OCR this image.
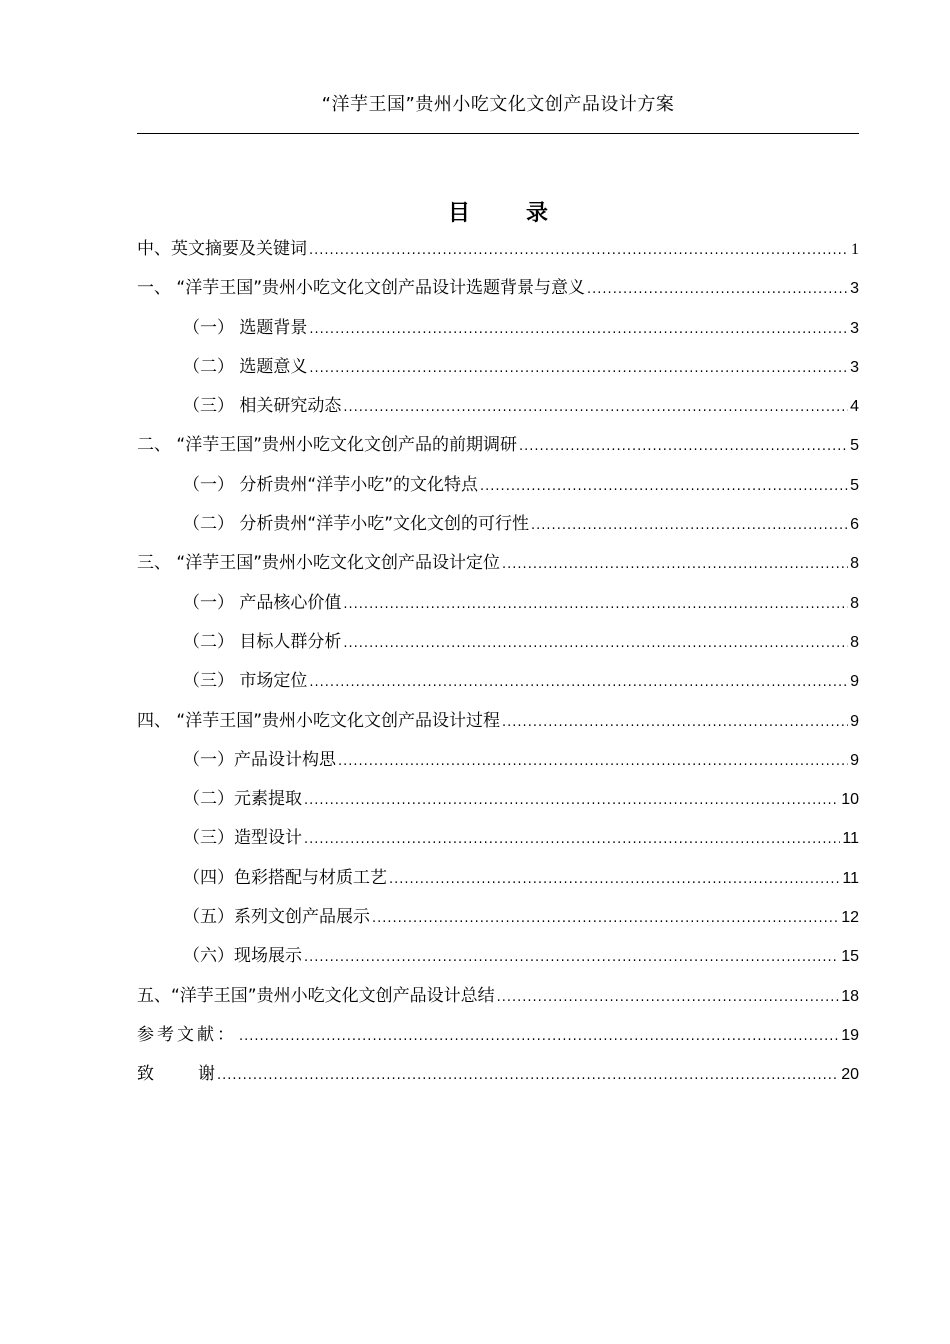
“洋芋王国”贵州小吃文化文创产品设计方案
目	录
中、英文摘要及关键词 .....	1
一、 “洋芋王国”贵州小吃文化文创产品设计选题背景与意义 .....	3
（一） 选题背景 .....	3
（二） 选题意义 .....	3
（三） 相关研究动态 .....	4
二、 “洋芋王国”贵州小吃文化文创产品的前期调研 .....	5
（一） 分析贵州“洋芋小吃”的文化特点 .....	5
（二） 分析贵州“洋芋小吃”文化文创的可行性 .....	6
三、 “洋芋王国”贵州小吃文化文创产品设计定位 .....	8
（一） 产品核心价值 .....	8
（二） 目标人群分析 .....	8
（三） 市场定位 .....	9
四、 “洋芋王国”贵州小吃文化文创产品设计过程 .....	9
（一）产品设计构思 .....	9
（二）元素提取 .....	10
（三）造型设计 .....	11
（四）色彩搭配与材质工艺 .....	11
（五）系列文创产品展示 .....	12
（六）现场展示 .....	15
五、“洋芋王国”贵州小吃文化文创产品设计总结 .....	18
参考文献： .....	19
致	谢 .....	20
